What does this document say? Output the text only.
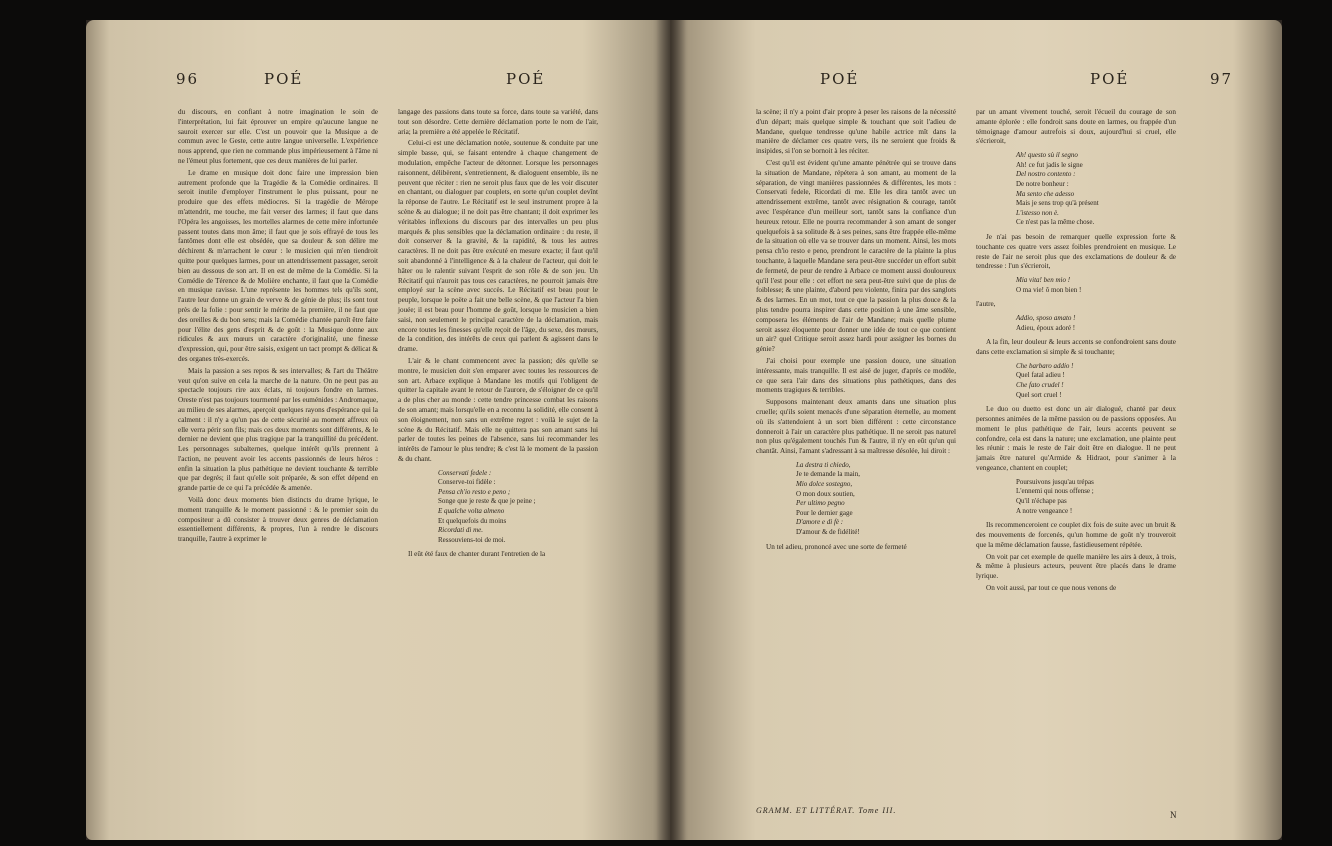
96	POÉ	POÉ

du discours, en confiant à notre imagination le soin de l'interprétation, lui fait éprouver un empire qu'aucune langue ne sauroit exercer sur elle. C'est un pouvoir que la Musique a de commun avec le Geste, cette autre langue universelle. L'expérience nous apprend, que rien ne commande plus impérieusement à l'âme ni ne l'émeut plus fortement, que ces deux manières de lui parler.

Le drame en musique doit donc faire une impression bien autrement profonde que la Tragédie & la Comédie ordinaires. Il seroit inutile d'employer l'instrument le plus puissant, pour ne produire que des effets médiocres. Si la tragédie de Mérope m'attendrit, me touche, me fait verser des larmes; il faut que dans l'Opéra les angoisses, les mortelles alarmes de cette mère infortunée passent toutes dans mon âme; il faut que je sois effrayé de tous les fantômes dont elle est obsédée, que sa douleur & son délire me déchirent & m'arrachent le cœur : le musicien qui m'en tiendroit quitte pour quelques larmes, pour un attendrissement passager, seroit bien au dessous de son art. Il en est de même de la Comédie. Si la Comédie de Térence & de Molière enchante, il faut que la Comédie en musique ravisse. L'une représente les hommes tels qu'ils sont, l'autre leur donne un grain de verve & de génie de plus; ils sont tout près de la folie : pour sentir le mérite de la première, il ne faut que des oreilles & du bon sens; mais la Comédie chantée paroît être faite pour l'élite des gens d'esprit & de goût : la Musique donne aux ridicules & aux mœurs un caractère d'originalité, une finesse d'expression, qui, pour être saisis, exigent un tact prompt & délicat & des organes très-exercés.

Mais la passion a ses repos & ses intervalles; & l'art du Théâtre veut qu'on suive en cela la marche de la nature. On ne peut pas au spectacle toujours rire aux éclats, ni toujours fondre en larmes. Oreste n'est pas toujours tourmenté par les euménides : Andromaque, au milieu de ses alarmes, aperçoit quelques rayons d'espérance qui la calment : il n'y a qu'un pas de cette sécurité au moment affreux où elle verra périr son fils; mais ces deux moments sont différents, & le dernier ne devient que plus tragique par la tranquillité du précédent. Les personnages subalternes, quelque intérêt qu'ils prennent à l'action, ne peuvent avoir les accents passionnés de leurs héros : enfin la situation la plus pathétique ne devient touchante & terrible que par degrés; il faut qu'elle soit préparée, & son effet dépend en grande partie de ce qui l'a précédée & amenée.

Voilà donc deux moments bien distincts du drame lyrique, le moment tranquille & le moment passionné : & le premier soin du compositeur a dû consister à trouver deux genres de déclamation essentiellement différents, & propres, l'un à rendre le discours tranquille, l'autre à exprimer le

langage des passions dans toute sa force, dans toute sa variété, dans tout son désordre. Cette dernière déclamation porte le nom de l'air, aria; la première a été appelée le Récitatif.

Celui-ci est une déclamation notée, soutenue & conduite par une simple basse, qui, se faisant entendre à chaque changement de modulation, empêche l'acteur de détonner. Lorsque les personnages raisonnent, délibèrent, s'entretiennent, & dialoguent ensemble, ils ne peuvent que réciter : rien ne seroit plus faux que de les voir discuter en chantant, ou dialoguer par couplets, en sorte qu'un couplet devînt la réponse de l'autre. Le Récitatif est le seul instrument propre à la scène & au dialogue; il ne doit pas être chantant; il doit exprimer les véritables inflexions du discours par des intervalles un peu plus marqués & plus sensibles que la déclamation ordinaire : du reste, il doit conserver & la gravité, & la rapidité, & tous les autres caractères. Il ne doit pas être exécuté en mesure exacte; il faut qu'il soit abandonné à l'intelligence & à la chaleur de l'acteur, qui doit le hâter ou le ralentir suivant l'esprit de son rôle & de son jeu. Un Récitatif qui n'auroit pas tous ces caractères, ne pourroit jamais être employé sur la scène avec succès. Le Récitatif est beau pour le peuple, lorsque le poëte a fait une belle scène, & que l'acteur l'a bien jouée; il est beau pour l'homme de goût, lorsque le musicien a bien saisi, non seulement le principal caractère de la déclamation, mais encore toutes les finesses qu'elle reçoit de l'âge, du sexe, des mœurs, de la condition, des intérêts de ceux qui parlent & agissent dans le drame.

L'air & le chant commencent avec la passion; dès qu'elle se montre, le musicien doit s'en emparer avec toutes les ressources de son art. Arbace explique à Mandane les motifs qui l'obligent de quitter la capitale avant le retour de l'aurore, de s'éloigner de ce qu'il a de plus cher au monde : cette tendre princesse combat les raisons de son amant; mais lorsqu'elle en a reconnu la solidité, elle consent à son éloignement, non sans un extrême regret : voilà le sujet de la scène & du Récitatif. Mais elle ne quittera pas son amant sans lui parler de toutes les peines de l'absence, sans lui recommander les intérêts de l'amour le plus tendre; & c'est là le moment de la passion & du chant.

Conservati fedele :
Conserve-toi fidèle :
Pensa ch'io resto e peno ;
Songe que je reste & que je peine ;
E qualche volta almeno
Et quelquefois du moins
Ricordati di me.
Ressouviens-toi de moi.

Il eût été faux de chanter durant l'entretien de la

POÉ	POÉ	97

la scène; il n'y a point d'air propre à peser les raisons de la nécessité d'un départ; mais quelque simple & touchant que soit l'adieu de Mandane, quelque tendresse qu'une habile actrice mît dans la manière de déclamer ces quatre vers, ils ne seroient que froids & insipides, si l'on se bornoit à les réciter.

C'est qu'il est évident qu'une amante pénétrée qui se trouve dans la situation de Mandane, répétera à son amant, au moment de la séparation, de vingt manières passionnées & différentes, les mots : Conservati fedele, Ricordati di me. Elle les dira tantôt avec un attendrissement extrême, tantôt avec résignation & courage, tantôt avec l'espérance d'un meilleur sort, tantôt sans la confiance d'un heureux retour. Elle ne pourra recommander à son amant de songer quelquefois à sa solitude & à ses peines, sans être frappée elle-même de la situation où elle va se trouver dans un moment. Ainsi, les mots pensa ch'io resto e peno, prendront le caractère de la plainte la plus touchante, à laquelle Mandane sera peut-être succéder un effort subit de fermeté, de peur de rendre à Arbace ce moment aussi douloureux qu'il l'est pour elle : cet effort ne sera peut-être suivi que de plus de foiblesse; & une plainte, d'abord peu violente, finira par des sanglots & des larmes. En un mot, tout ce que la passion la plus douce & la plus tendre pourra inspirer dans cette position à une âme sensible, composera les éléments de l'air de Mandane; mais quelle plume seroit assez éloquente pour donner une idée de tout ce que contient un air? quel Critique seroit assez hardi pour assigner les bornes du génie?

J'ai choisi pour exemple une passion douce, une situation intéressante, mais tranquille. Il est aisé de juger, d'après ce modèle, ce que sera l'air dans des situations plus pathétiques, dans des moments tragiques & terribles.

Supposons maintenant deux amants dans une situation plus cruelle; qu'ils soient menacés d'une séparation éternelle, au moment où ils s'attendoient à un sort bien différent : cette circonstance donneroit à l'air un caractère plus pathétique. Il ne seroit pas naturel non plus qu'également touchés l'un & l'autre, il n'y en eût qu'un qui chantât. Ainsi, l'amant s'adressant à sa maîtresse désolée, lui diroit :

La destra ti chiedo,
Je te demande la main,
Mio dolce sostegno,
O mon doux soutien,
Per ultimo pegno
Pour le dernier gage
D'amore e di fè :
D'amour & de fidélité!

Un tel adieu, prononcé avec une sorte de fermeté

GRAMM. ET LITTÉRAT. Tome III.

par un amant vivement touché, seroit l'écueil du courage de son amante éplorée : elle fondroit sans doute en larmes, ou frappée d'un témoignage d'amour autrefois si doux, aujourd'hui si cruel, elle s'écrieroit,

Ah! questo sù il segno
Ah! ce fut jadis le signe
Del nostro contento :
De notre bonheur :
Ma sento che adesso
Mais je sens trop qu'à présent
L'istesso non è.
Ce n'est pas la même chose.

Je n'ai pas besoin de remarquer quelle expression forte & touchante ces quatre vers assez foibles prendroient en musique. Le reste de l'air ne seroit plus que des exclamations de douleur & de tendresse : l'un s'écrieroit,

Mia vita! ben mio !
O ma vie! ô mon bien !

l'autre,

Addio, sposo amato !
Adieu, époux adoré !

A la fin, leur douleur & leurs accents se confondroient sans doute dans cette exclamation si simple & si touchante;

Che barbaro addio !
Quel fatal adieu !
Che fato crudel !
Quel sort cruel !

Le duo ou duetto est donc un air dialogué, chanté par deux personnes animées de la même passion ou de passions opposées. Au moment le plus pathétique de l'air, leurs accents peuvent se confondre, cela est dans la nature; une exclamation, une plainte peut les réunir : mais le reste de l'air doit être en dialogue. Il ne peut jamais être naturel qu'Armide & Hidraot, pour s'animer à la vengeance, chantent en couplet;

Poursuivons jusqu'au trépas
L'ennemi qui nous offense ;
Qu'il n'échape pas
A notre vengeance !

Ils recommenceroient ce couplet dix fois de suite avec un bruit & des mouvements de forcenés, qu'un homme de goût n'y trouveroit que la même déclamation fausse, fastidieusement répétée.

On voit par cet exemple de quelle manière les airs à deux, à trois, & même à plusieurs acteurs, peuvent être placés dans le drame lyrique.

On voit aussi, par tout ce que nous venons de

N
